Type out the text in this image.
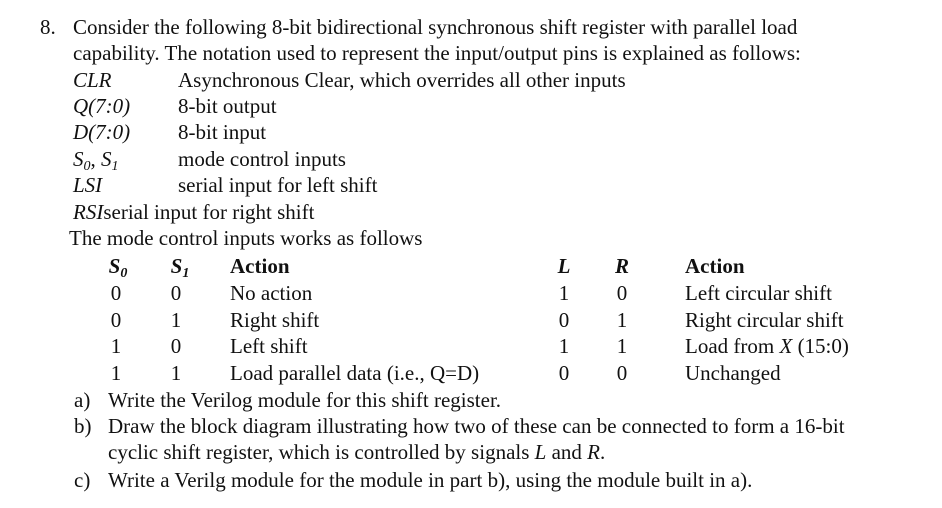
8. Consider the following 8-bit bidirectional synchronous shift register with parallel load
capability. The notation used to represent the input/output pins is explained as follows:
CLR	Asynchronous Clear, which overrides all other inputs
Q(7:0) 8-bit output
D(7:0) 8-bit input
$S_0$, $S_1$	mode control inputs
LSI	serial input for left shift
RSIserial input for right shift
The mode control inputs works as follows
$S_0$ $S_1$ Action	L R	Action
0 0 No action	1 0	Left circular shift
0 1 Right shift	0 1	Right circular shift
1 0 Left shift	1 1	Load from X (15:0)
1 1 Load parallel data (i.e., Q=D)	0 0	Unchanged
a) Write the Verilog module for this shift register.
b) Draw the block diagram illustrating how two of these can be connected to form a 16-bit
cyclic shift register, which is controlled by signals L and R.
c) Write a Verilg module for the module in part b), using the module built in a).
